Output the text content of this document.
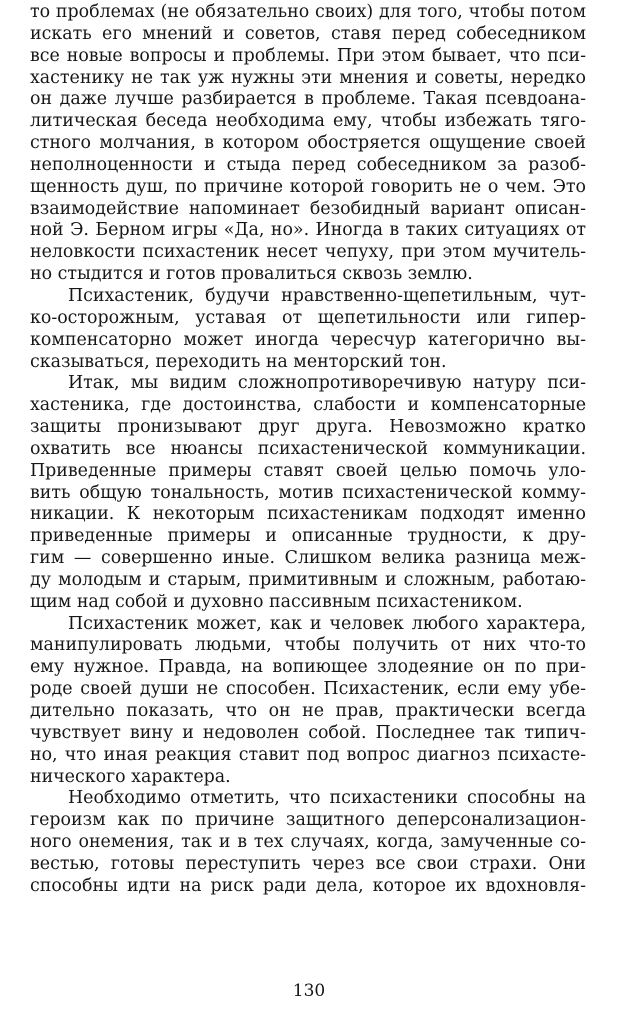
то проблемах (не обязательно своих) для того, чтобы потом
искать его мнений и советов, ставя перед собеседником
все новые вопросы и проблемы. При этом бывает, что пси-
хастенику не так уж нужны эти мнения и советы, нередко
он даже лучше разбирается в проблеме. Такая псевдоана-
литическая беседа необходима ему, чтобы избежать тяго-
стного молчания, в котором обостряется ощущение своей
неполноценности и стыда перед собеседником за разоб-
щенность душ, по причине которой говорить не о чем. Это
взаимодействие напоминает безобидный вариант описан-
ной Э. Берном игры «Да, но». Иногда в таких ситуациях от
неловкости психастеник несет чепуху, при этом мучитель-
но стыдится и готов провалиться сквозь землю.
Психастеник, будучи нравственно-щепетильным, чут-
ко-осторожным, уставая от щепетильности или гипер-
компенсаторно может иногда чересчур категорично вы-
сказываться, переходить на менторский тон.
Итак, мы видим сложнопротиворечивую натуру пси-
хастеника, где достоинства, слабости и компенсаторные
защиты пронизывают друг друга. Невозможно кратко
охватить все нюансы психастенической коммуникации.
Приведенные примеры ставят своей целью помочь уло-
вить общую тональность, мотив психастенической комму-
никации. К некоторым психастеникам подходят именно
приведенные примеры и описанные трудности, к дру-
гим — совершенно иные. Слишком велика разница меж-
ду молодым и старым, примитивным и сложным, работаю-
щим над собой и духовно пассивным психастеником.
Психастеник может, как и человек любого характера,
манипулировать людьми, чтобы получить от них что-то
ему нужное. Правда, на вопиющее злодеяние он по при-
роде своей души не способен. Психастеник, если ему убе-
дительно показать, что он не прав, практически всегда
чувствует вину и недоволен собой. Последнее так типич-
но, что иная реакция ставит под вопрос диагноз психасте-
нического характера.
Необходимо отметить, что психастеники способны на
героизм как по причине защитного деперсонализацион-
ного онемения, так и в тех случаях, когда, замученные со-
вестью, готовы переступить через все свои страхи. Они
способны идти на риск ради дела, которое их вдохновля-
130
